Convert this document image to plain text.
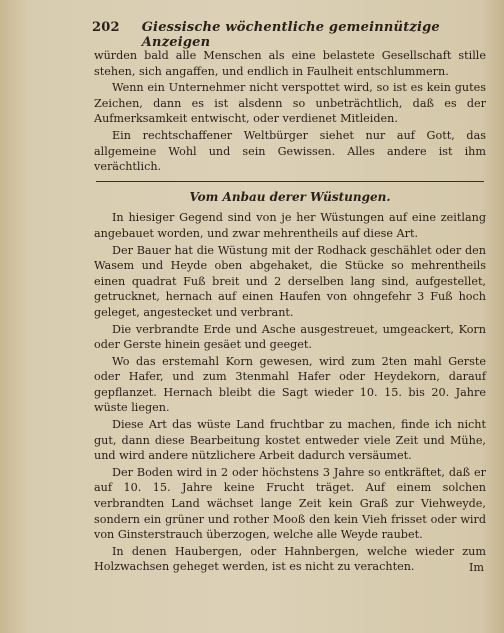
202 Giessische wöchentliche gemeinnützige Anzeigen

würden bald alle Menschen als eine belastete Gesellschaft stille stehen, sich angaffen, und endlich in Faulheit entschlummern.

Wenn ein Unternehmer nicht verspottet wird, so ist es kein gutes Zeichen, dann es ist alsdenn so unbeträchtlich, daß es der Aufmerksamkeit entwischt, oder verdienet Mitleiden.

Ein rechtschaffener Weltbürger siehet nur auf Gott, das allgemeine Wohl und sein Gewissen. Alles andere ist ihm verächtlich.

Vom Anbau derer Wüstungen.

In hiesiger Gegend sind von je her Wüstungen auf eine zeitlang angebauet worden, und zwar mehrentheils auf diese Art.

Der Bauer hat die Wüstung mit der Rodhack geschählet oder den Wasem und Heyde oben abgehaket, die Stücke so mehrentheils einen quadrat Fuß breit und 2 derselben lang sind, aufgestellet, getrucknet, hernach auf einen Haufen von ohngefehr 3 Fuß hoch geleget, angestecket und verbrant.

Die verbrandte Erde und Asche ausgestreuet, umgeackert, Korn oder Gerste hinein gesäet und geeget.

Wo das erstemahl Korn gewesen, wird zum 2ten mahl Gerste oder Hafer, und zum 3tenmahl Hafer oder Heydekorn, darauf gepflanzet. Hernach bleibt die Sagt wieder 10. 15. bis 20. Jahre wüste liegen.

Diese Art das wüste Land fruchtbar zu machen, finde ich nicht gut, dann diese Bearbeitung kostet entweder viele Zeit und Mühe, und wird andere nützlichere Arbeit dadurch versäumet.

Der Boden wird in 2 oder höchstens 3 Jahre so entkräftet, daß er auf 10. 15. Jahre keine Frucht träget. Auf einem solchen verbrandten Land wächset lange Zeit kein Graß zur Viehweyde, sondern ein grüner und rother Mooß den kein Vieh frisset oder wird von Ginsterstrauch überzogen, welche alle Weyde raubet.

In denen Haubergen, oder Hahnbergen, welche wieder zum Holzwachsen geheget werden, ist es nicht zu verachten.	Im
